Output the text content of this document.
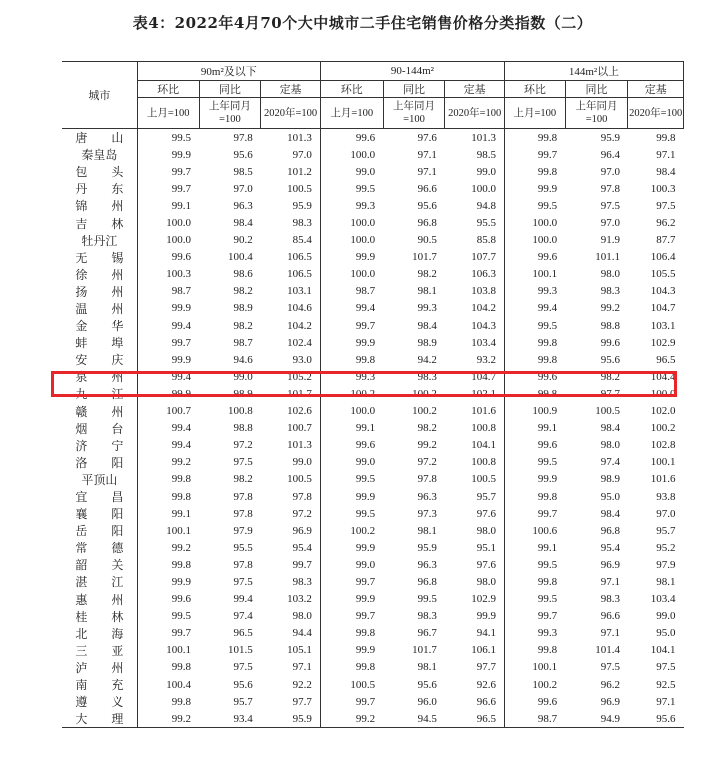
表4：2022年4月70个大中城市二手住宅销售价格分类指数（二）
城市	90m²及以下			90-144m²			144m²以上		
	环比	同比	定基	环比	同比	定基	环比	同比	定基
	上月=100	上年同月=100	2020年=100	上月=100	上年同月=100	2020年=100	上月=100	上年同月=100	2020年=100
唐　　山	99.5	97.8	101.3	99.6	97.6	101.3	99.8	95.9	99.8
秦皇岛	99.9	95.6	97.0	100.0	97.1	98.5	99.7	96.4	97.1
包　　头	99.7	98.5	101.2	99.0	97.1	99.0	99.8	97.0	98.4
丹　　东	99.7	97.0	100.5	99.5	96.6	100.0	99.9	97.8	100.3
锦　　州	99.1	96.3	95.9	99.3	95.6	94.8	99.5	97.5	97.5
吉　　林	100.0	98.4	98.3	100.0	96.8	95.5	100.0	97.0	96.2
牡丹江	100.0	90.2	85.4	100.0	90.5	85.8	100.0	91.9	87.7
无　　锡	99.6	100.4	106.5	99.9	101.7	107.7	99.6	101.1	106.4
徐　　州	100.3	98.6	106.5	100.0	98.2	106.3	100.1	98.0	105.5
扬　　州	98.7	98.2	103.1	98.7	98.1	103.8	99.3	98.3	104.3
温　　州	99.9	98.9	104.6	99.4	99.3	104.2	99.4	99.2	104.7
金　　华	99.4	98.2	104.2	99.7	98.4	104.3	99.5	98.8	103.1
蚌　　埠	99.7	98.7	102.4	99.9	98.9	103.4	99.8	99.6	102.9
安　　庆	99.9	94.6	93.0	99.8	94.2	93.2	99.8	95.6	96.5
泉　　州	99.4	99.0	105.2	99.3	98.3	104.7	99.6	98.2	104.4
九　　江	99.9	98.9	101.7	100.2	100.2	102.1	99.8	97.7	100.0
赣　　州	100.7	100.8	102.6	100.0	100.2	101.6	100.9	100.5	102.0
烟　　台	99.4	98.8	100.7	99.1	98.2	100.8	99.1	98.4	100.2
济　　宁	99.4	97.2	101.3	99.6	99.2	104.1	99.6	98.0	102.8
洛　　阳	99.2	97.5	99.0	99.0	97.2	100.8	99.5	97.4	100.1
平顶山	99.8	98.2	100.5	99.5	97.8	100.5	99.9	98.9	101.6
宜　　昌	99.8	97.8	97.8	99.9	96.3	95.7	99.8	95.0	93.8
襄　　阳	99.1	97.8	97.2	99.5	97.3	97.6	99.7	98.4	97.0
岳　　阳	100.1	97.9	96.9	100.2	98.1	98.0	100.6	96.8	95.7
常　　德	99.2	95.5	95.4	99.9	95.9	95.1	99.1	95.4	95.2
韶　　关	99.8	97.8	99.7	99.0	96.3	97.6	99.5	96.9	97.9
湛　　江	99.9	97.5	98.3	99.7	96.8	98.0	99.8	97.1	98.1
惠　　州	99.6	99.4	103.2	99.9	99.5	102.9	99.5	98.3	103.4
桂　　林	99.5	97.4	98.0	99.7	98.3	99.9	99.7	96.6	99.0
北　　海	99.7	96.5	94.4	99.8	96.7	94.1	99.3	97.1	95.0
三　　亚	100.1	101.5	105.1	99.9	101.7	106.1	99.8	101.4	104.1
泸　　州	99.8	97.5	97.1	99.8	98.1	97.7	100.1	97.5	97.5
南　　充	100.4	95.6	92.2	100.5	95.6	92.6	100.2	96.2	92.5
遵　　义	99.8	95.7	97.7	99.7	96.0	96.6	99.6	96.9	97.1
大　　理	99.2	93.4	95.9	99.2	94.5	96.5	98.7	94.9	95.6
